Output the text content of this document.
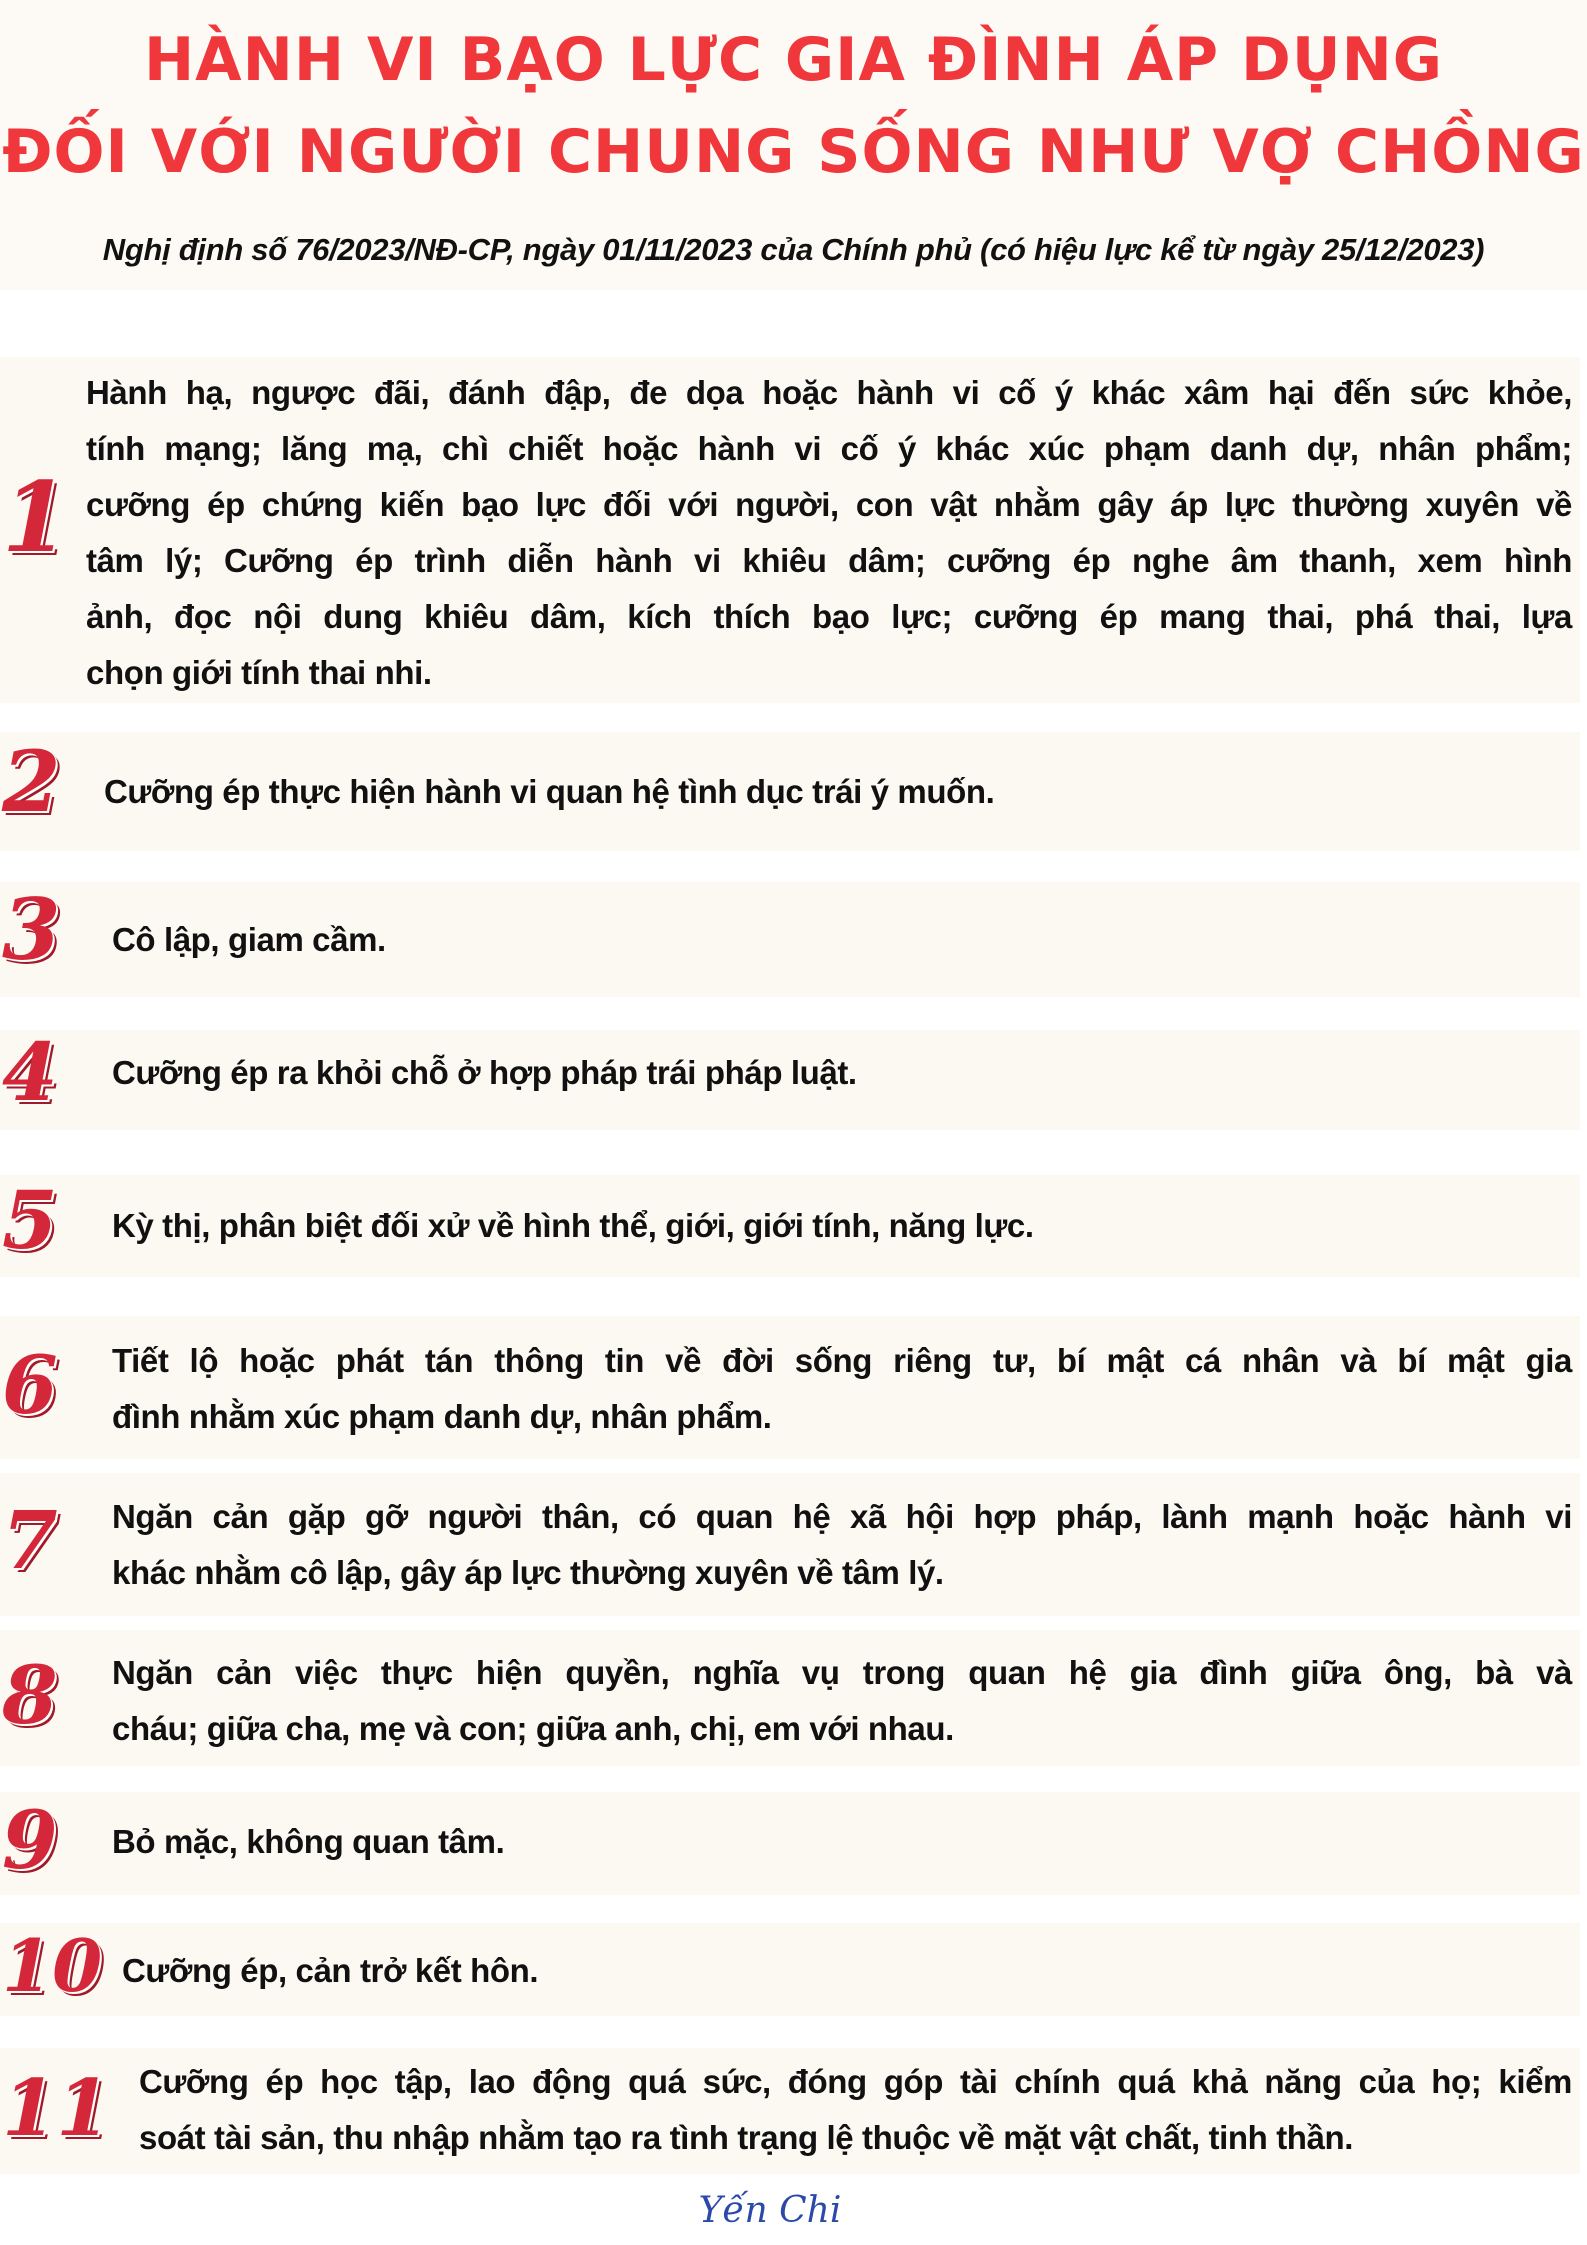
HÀNH VI BẠO LỰC GIA ĐÌNH ÁP DỤNG
ĐỐI VỚI NGƯỜI CHUNG SỐNG NHƯ VỢ CHỒNG
Nghị định số 76/2023/NĐ-CP, ngày 01/11/2023 của Chính phủ (có hiệu lực kể từ ngày 25/12/2023)
1
Hành hạ, ngược đãi, đánh đập, đe dọa hoặc hành vi cố ý khác xâm hại đến sức khỏe,
tính mạng; lăng mạ, chì chiết hoặc hành vi cố ý khác xúc phạm danh dự, nhân phẩm;
cưỡng ép chứng kiến bạo lực đối với người, con vật nhằm gây áp lực thường xuyên về
tâm lý; Cưỡng ép trình diễn hành vi khiêu dâm; cưỡng ép nghe âm thanh, xem hình
ảnh, đọc nội dung khiêu dâm, kích thích bạo lực; cưỡng ép mang thai, phá thai, lựa
chọn giới tính thai nhi.
2 Cưỡng ép thực hiện hành vi quan hệ tình dục trái ý muốn.
3 Cô lập, giam cầm.
4 Cưỡng ép ra khỏi chỗ ở hợp pháp trái pháp luật.
5 Kỳ thị, phân biệt đối xử về hình thể, giới, giới tính, năng lực.
6 Tiết lộ hoặc phát tán thông tin về đời sống riêng tư, bí mật cá nhân và bí mật gia
đình nhằm xúc phạm danh dự, nhân phẩm.
7 Ngăn cản gặp gỡ người thân, có quan hệ xã hội hợp pháp, lành mạnh hoặc hành vi
khác nhằm cô lập, gây áp lực thường xuyên về tâm lý.
8 Ngăn cản việc thực hiện quyền, nghĩa vụ trong quan hệ gia đình giữa ông, bà và
cháu; giữa cha, mẹ và con; giữa anh, chị, em với nhau.
9 Bỏ mặc, không quan tâm.
10 Cưỡng ép, cản trở kết hôn.
11 Cưỡng ép học tập, lao động quá sức, đóng góp tài chính quá khả năng của họ; kiểm
soát tài sản, thu nhập nhằm tạo ra tình trạng lệ thuộc về mặt vật chất, tinh thần.
Yến Chi
